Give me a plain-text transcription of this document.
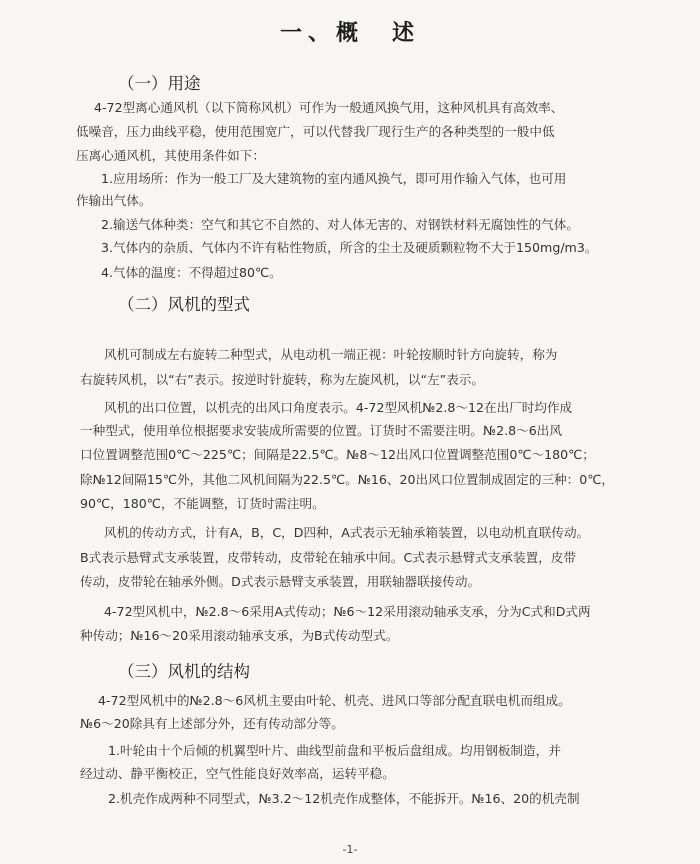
一、概　述
（一）用途
4-72型离心通风机（以下简称风机）可作为一般通风换气用，这种风机具有高效率、
低噪音，压力曲线平稳，使用范围宽广，可以代替我厂现行生产的各种类型的一般中低
压离心通风机，其使用条件如下：
1.应用场所：作为一般工厂及大建筑物的室内通风换气，即可用作输入气体，也可用
作输出气体。
2.输送气体种类：空气和其它不自然的、对人体无害的、对钢铁材料无腐蚀性的气体。
3.气体内的杂质、气体内不许有粘性物质，所含的尘土及硬质颗粒物不大于150mg/m3。
4.气体的温度：不得超过80℃。
（二）风机的型式
风机可制成左右旋转二种型式，从电动机一端正视：叶轮按顺时针方向旋转，称为
右旋转风机，以“右”表示。按逆时针旋转，称为左旋风机，以“左”表示。
风机的出口位置，以机壳的出风口角度表示。4-72型风机№2.8～12在出厂时均作成
一种型式，使用单位根据要求安装成所需要的位置。订货时不需要注明。№2.8～6出风
口位置调整范围0℃～225℃；间隔是22.5℃。№8～12出风口位置调整范围0℃～180℃；
除№12间隔15℃外，其他二风机间隔为22.5℃。№16、20出风口位置制成固定的三种：0℃，
90℃，180℃，不能调整，订货时需注明。
风机的传动方式，计有A，B，C，D四种，A式表示无轴承箱装置，以电动机直联传动。
B式表示悬臂式支承装置，皮带转动，皮带轮在轴承中间。C式表示悬臂式支承装置，皮带
传动，皮带轮在轴承外侧。D式表示悬臂支承装置，用联轴器联接传动。
4-72型风机中，№2.8～6采用A式传动；№6～12采用滚动轴承支承，分为C式和D式两
种传动；№16～20采用滚动轴承支承，为B式传动型式。
（三）风机的结构
4-72型风机中的№2.8～6风机主要由叶轮、机壳、进风口等部分配直联电机而组成。
№6～20除具有上述部分外，还有传动部分等。
1.叶轮由十个后倾的机翼型叶片、曲线型前盘和平板后盘组成。均用钢板制造，并
经过动、静平衡校正，空气性能良好效率高，运转平稳。
2.机壳作成两种不同型式，№3.2～12机壳作成整体，不能拆开。№16、20的机壳制
-1-
